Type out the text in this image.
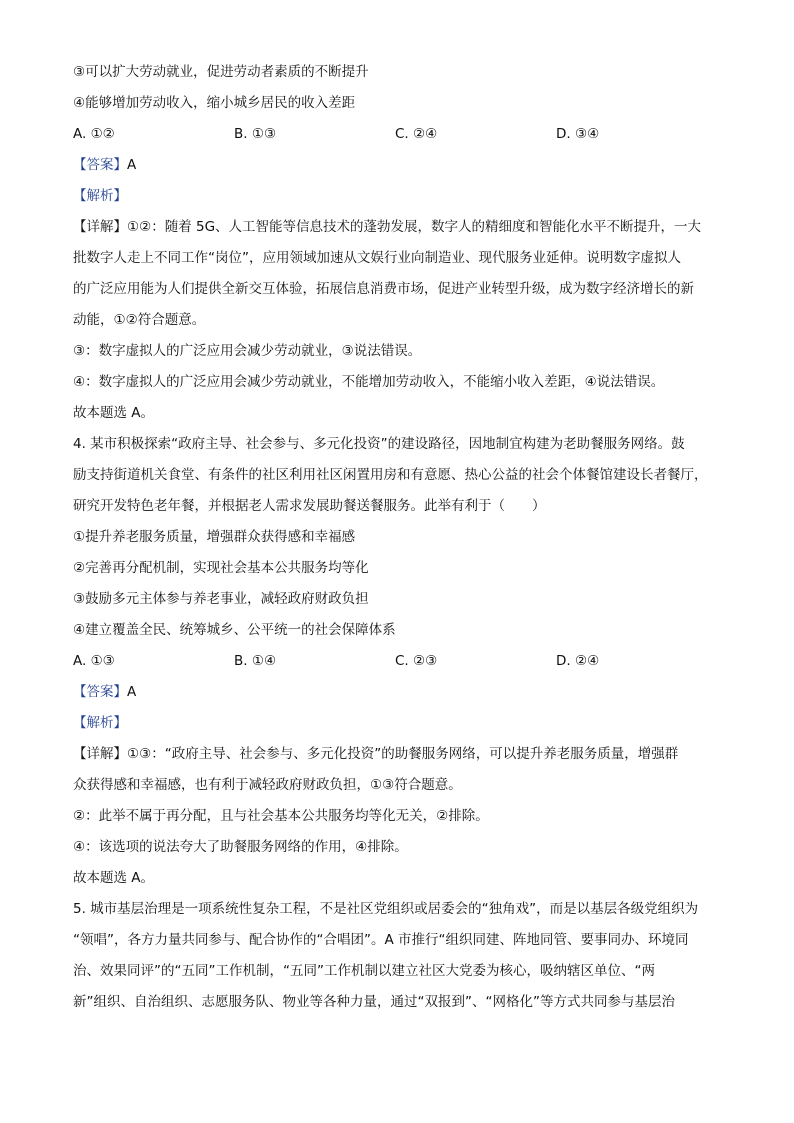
③可以扩大劳动就业，促进劳动者素质的不断提升
④能够增加劳动收入，缩小城乡居民的收入差距
A. ①②	B. ①③	C. ②④	D. ③④
【答案】A
【解析】
【详解】①②：随着 5G、人工智能等信息技术的蓬勃发展，数字人的精细度和智能化水平不断提升，一大
批数字人走上不同工作“岗位”，应用领域加速从文娱行业向制造业、现代服务业延伸。说明数字虚拟人
的广泛应用能为人们提供全新交互体验，拓展信息消费市场，促进产业转型升级，成为数字经济增长的新
动能，①②符合题意。
③：数字虚拟人的广泛应用会减少劳动就业，③说法错误。
④：数字虚拟人的广泛应用会减少劳动就业，不能增加劳动收入，不能缩小收入差距，④说法错误。
故本题选 A。
4. 某市积极探索“政府主导、社会参与、多元化投资”的建设路径，因地制宜构建为老助餐服务网络。鼓
励支持街道机关食堂、有条件的社区利用社区闲置用房和有意愿、热心公益的社会个体餐馆建设长者餐厅，
研究开发特色老年餐，并根据老人需求发展助餐送餐服务。此举有利于（　　）
①提升养老服务质量，增强群众获得感和幸福感
②完善再分配机制，实现社会基本公共服务均等化
③鼓励多元主体参与养老事业，减轻政府财政负担
④建立覆盖全民、统筹城乡、公平统一的社会保障体系
A. ①③	B. ①④	C. ②③	D. ②④
【答案】A
【解析】
【详解】①③：“政府主导、社会参与、多元化投资”的助餐服务网络，可以提升养老服务质量，增强群
众获得感和幸福感，也有利于减轻政府财政负担，①③符合题意。
②：此举不属于再分配，且与社会基本公共服务均等化无关，②排除。
④：该选项的说法夸大了助餐服务网络的作用，④排除。
故本题选 A。
5. 城市基层治理是一项系统性复杂工程，不是社区党组织或居委会的“独角戏”，而是以基层各级党组织为
“领唱”，各方力量共同参与、配合协作的“合唱团”。A 市推行“组织同建、阵地同管、要事同办、环境同
治、效果同评”的“五同”工作机制，“五同”工作机制以建立社区大党委为核心，吸纳辖区单位、“两
新”组织、自治组织、志愿服务队、物业等各种力量，通过“双报到”、“网格化”等方式共同参与基层治
